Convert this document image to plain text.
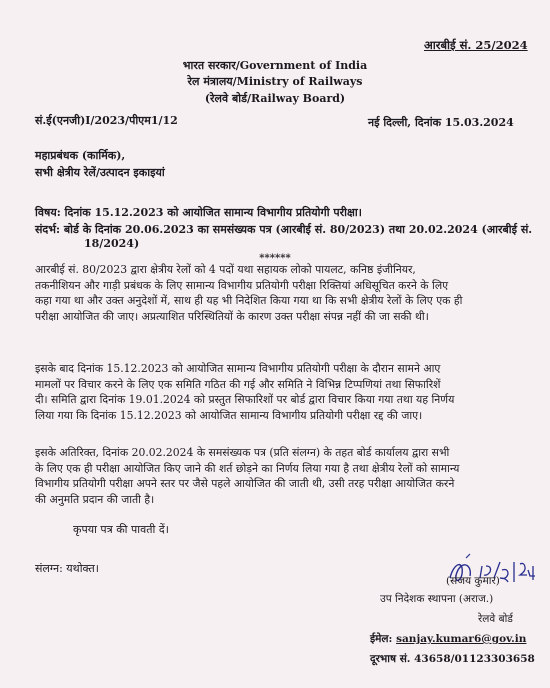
आरबीई सं. 25/2024
भारत सरकार/Government of India
रेल मंत्रालय/Ministry of Railways
(रेलवे बोर्ड/Railway Board)
सं.ई(एनजी)I/2023/पीएम1/12	नई दिल्ली, दिनांक 15.03.2024
महाप्रबंधक (कार्मिक),
सभी क्षेत्रीय रेलें/उत्पादन इकाइयां
विषय: दिनांक 15.12.2023 को आयोजित सामान्य विभागीय प्रतियोगी परीक्षा।
संदर्भ: बोर्ड के दिनांक 20.06.2023 का समसंख्यक पत्र (आरबीई सं. 80/2023) तथा 20.02.2024 (आरबीई सं.
18/2024)
******
आरबीई सं. 80/2023 द्वारा क्षेत्रीय रेलों को 4 पदों यथा सहायक लोको पायलट, कनिष्ठ इंजीनियर,
तकनीशियन और गाड़ी प्रबंधक के लिए सामान्य विभागीय प्रतियोगी परीक्षा रिक्तियां अधिसूचित करने के लिए
कहा गया था और उक्त अनुदेशों में, साथ ही यह भी निदेशित किया गया था कि सभी क्षेत्रीय रेलों के लिए एक ही
परीक्षा आयोजित की जाए। अप्रत्याशित परिस्थितियों के कारण उक्त परीक्षा संपन्न नहीं की जा सकी थी।
इसके बाद दिनांक 15.12.2023 को आयोजित सामान्य विभागीय प्रतियोगी परीक्षा के दौरान सामने आए
मामलों पर विचार करने के लिए एक समिति गठित की गई और समिति ने विभिन्न टिप्पणियां तथा सिफारिशें
दी। समिति द्वारा दिनांक 19.01.2024 को प्रस्तुत सिफारिशों पर बोर्ड द्वारा विचार किया गया तथा यह निर्णय
लिया गया कि दिनांक 15.12.2023 को आयोजित सामान्य विभागीय प्रतियोगी परीक्षा रद्द की जाए।
इसके अतिरिक्त, दिनांक 20.02.2024 के समसंख्यक पत्र (प्रति संलग्न) के तहत बोर्ड कार्यालय द्वारा सभी
के लिए एक ही परीक्षा आयोजित किए जाने की शर्त छोड़ने का निर्णय लिया गया है तथा क्षेत्रीय रेलों को सामान्य
विभागीय प्रतियोगी परीक्षा अपने स्तर पर जैसे पहले आयोजित की जाती थी, उसी तरह परीक्षा आयोजित करने
की अनुमति प्रदान की जाती है।
कृपया पत्र की पावती दें।
संलग्न: यथोक्त।
(संजय कुमार)
उप निदेशक स्थापना (अराज.)
रेलवे बोर्ड
ईमेल: sanjay.kumar6@gov.in
दूरभाष सं. 43658/01123303658
